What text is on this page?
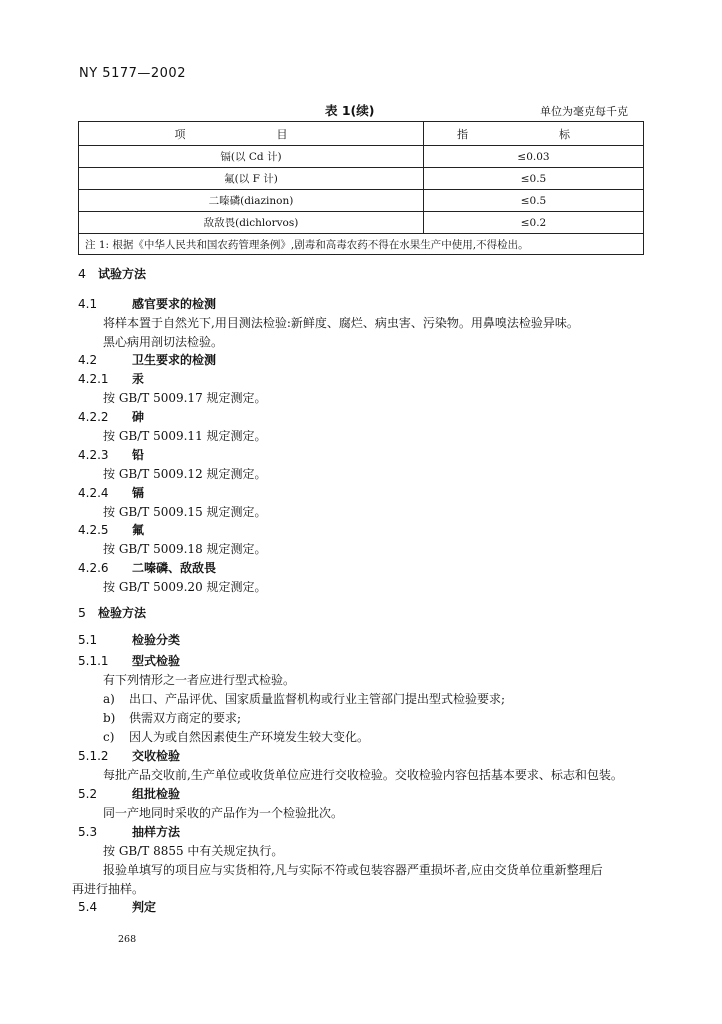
NY 5177—2002
表 1(续)	单位为毫克每千克
项　目	指　标
镉(以 Cd 计)	≤0.03
氟(以 F 计)	≤0.5
二嗪磷(diazinon)	≤0.5
敌敌畏(dichlorvos)	≤0.2
注 1: 根据《中华人民共和国农药管理条例》,剧毒和高毒农药不得在水果生产中使用,不得检出。	
4 试验方法
4.1	感官要求的检测
将样本置于自然光下,用目测法检验:新鲜度、腐烂、病虫害、污染物。用鼻嗅法检验异味。
黑心病用剖切法检验。
4.2	卫生要求的检测
4.2.1 汞
按 GB/T 5009.17 规定测定。
4.2.2 砷
按 GB/T 5009.11 规定测定。
4.2.3 铅
按 GB/T 5009.12 规定测定。
4.2.4 镉
按 GB/T 5009.15 规定测定。
4.2.5 氟
按 GB/T 5009.18 规定测定。
4.2.6 二嗪磷、敌敌畏
按 GB/T 5009.20 规定测定。
5 检验方法
5.1	检验分类
5.1.1 型式检验
有下列情形之一者应进行型式检验。
a) 出口、产品评优、国家质量监督机构或行业主管部门提出型式检验要求;
b) 供需双方商定的要求;
c) 因人为或自然因素使生产环境发生较大变化。
5.1.2 交收检验
每批产品交收前,生产单位或收货单位应进行交收检验。交收检验内容包括基本要求、标志和包装。
5.2	组批检验
同一产地同时采收的产品作为一个检验批次。
5.3	抽样方法
按 GB/T 8855 中有关规定执行。
报验单填写的项目应与实货相符,凡与实际不符或包装容器严重损坏者,应由交货单位重新整理后
再进行抽样。
5.4	判定
268
